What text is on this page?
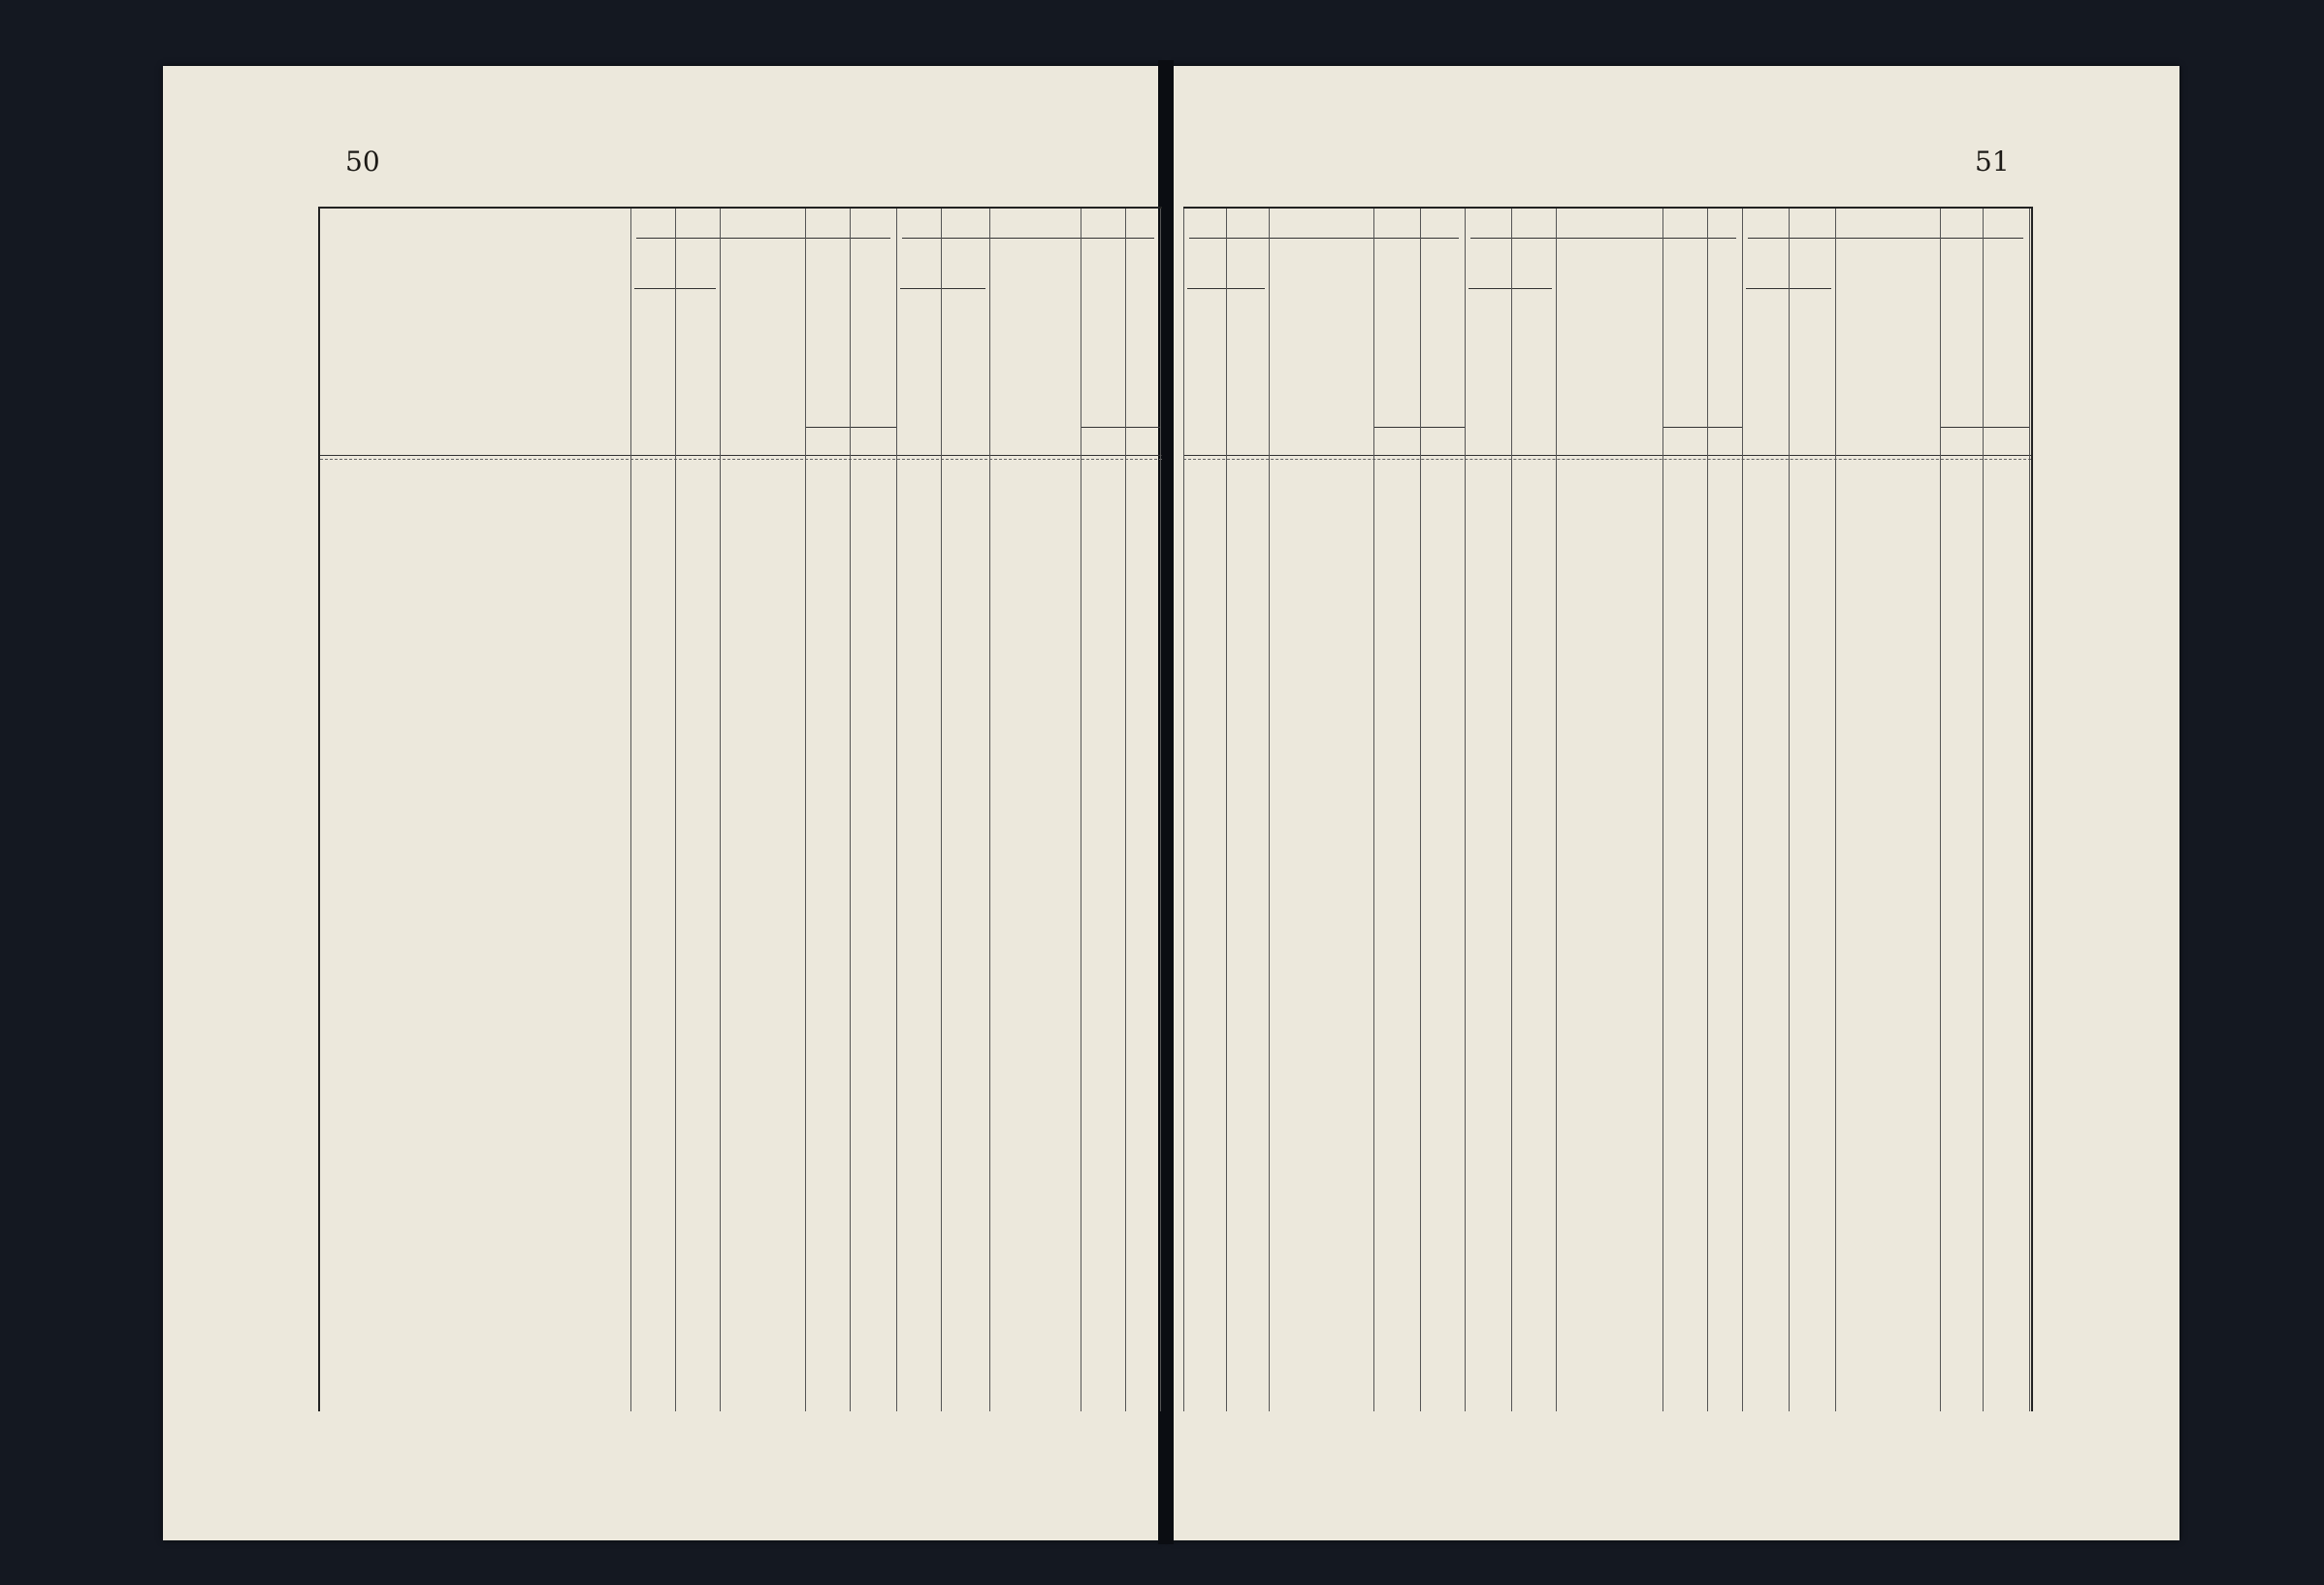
50	51
